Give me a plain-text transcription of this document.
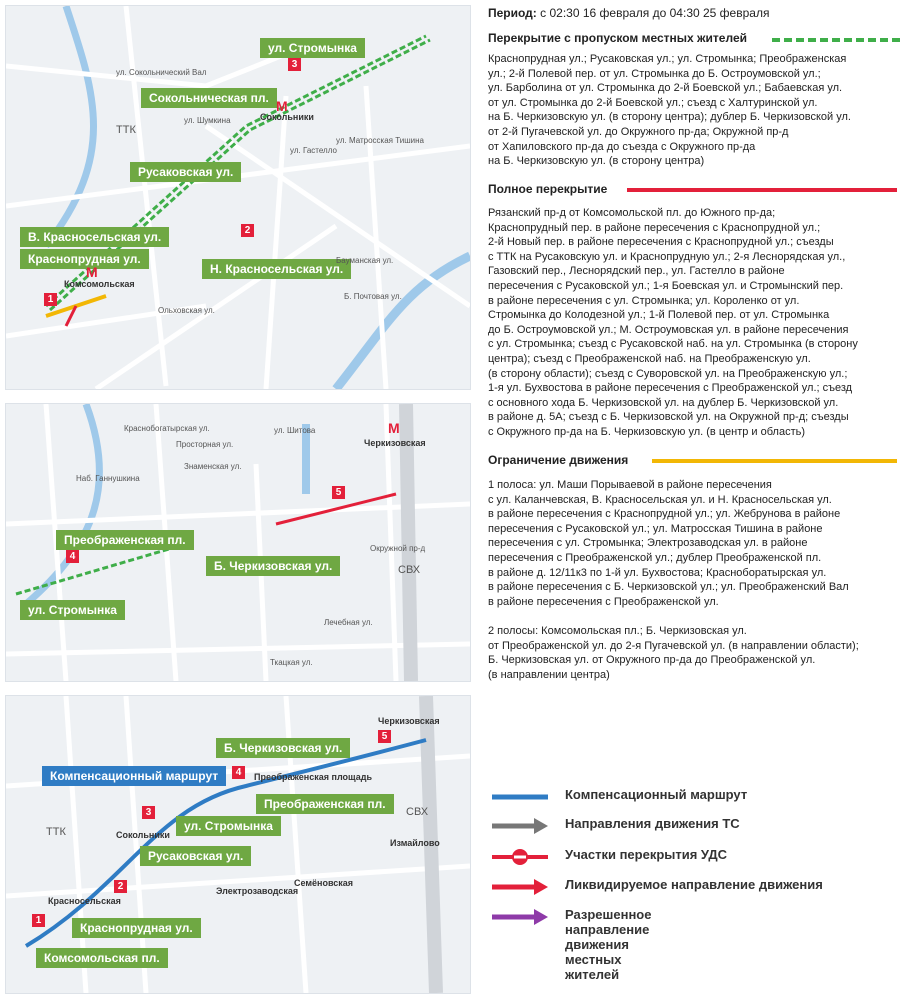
ул. Стромынка
Сокольническая пл.
Русаковская ул.
В. Красносельская ул.
Краснопрудная ул.
Н. Красносельская ул.
M
Сокольники
M
Комсомольская
1
2
3
ул. Сокольнический Вал
ТТК
ул. Шумкина
ул. Гастелло
ул. Матросская Тишина
Бауманская ул.
Ольховская ул.
Б. Почтовая ул.
Преображенская пл.
Б. Черкизовская ул.
ул. Стромынка
M
Черкизовская
4
5
Наб. Ганнушкина
Краснобогатырская ул.
Просторная ул.
Знаменская ул.
ул. Шитова
Окружной пр-д
СВХ
Лечебная ул.
Ткацкая ул.
Компенсационный маршрут
Б. Черкизовская ул.
Преображенская пл.
ул. Стромынка
Русаковская ул.
Краснопрудная ул.
Комсомольская пл.
Черкизовская
Преображенская площадь
Сокольники
Измайлово
Семёновская
Электрозаводская
Красносельская
1
2
3
4
5
ТТК
СВХ
Период: с 02:30 16 февраля до 04:30 25 февраля
Перекрытие с пропуском местных жителей
Краснопрудная ул.; Русаковская ул.; ул. Стромынка; Преображенская
ул.; 2-й Полевой пер. от ул. Стромынка до Б. Остроумовской ул.;
ул. Барболина от ул. Стромынка до 2-й Боевской ул.; Бабаевская ул.
от ул. Стромынка до 2-й Боевской ул.; съезд с Халтуринской ул.
на Б. Черкизовскую ул. (в сторону центра); дублер Б. Черкизовской ул.
от 2-й Пугачевской ул. до Окружного пр-да; Окружной пр-д
от Хапиловского пр-да до съезда с Окружного пр-да
на Б. Черкизовскую ул. (в сторону центра)
Полное перекрытие
Рязанский пр-д от Комсомольской пл. до Южного пр-да;
Краснопрудный пер. в районе пересечения с Краснопрудной ул.;
2-й Новый пер. в районе пересечения с Краснопрудной ул.; съезды
с ТТК на Русаковскую ул. и Краснопрудную ул.; 2-я Леснорядская ул.,
Газовский пер., Леснорядский пер., ул. Гастелло в районе
пересечения с Русаковской ул.; 1-я Боевская ул. и Стромынский пер.
в районе пересечения с ул. Стромынка; ул. Короленко от ул.
Стромынка до Колодезной ул.; 1-й Полевой пер. от ул. Стромынка
до Б. Остроумовской ул.; М. Остроумовская ул. в районе пересечения
с ул. Стромынка; съезд с Русаковской наб. на ул. Стромынка (в сторону
центра); съезд с Преображенской наб. на Преображенскую ул.
(в сторону области); съезд с Суворовской ул. на Преображенскую ул.;
1-я ул. Бухвостова в районе пересечения с Преображенской ул.; съезд
с основного хода Б. Черкизовской ул. на дублер Б. Черкизовской ул.
в районе д. 5А; съезд с Б. Черкизовской ул. на Окружной пр-д; съезды
с Окружного пр-да на Б. Черкизовскую ул. (в центр и область)
Ограничение движения
1 полоса: ул. Маши Порываевой в районе пересечения
с ул. Каланчевская, В. Красносельская ул. и Н. Красносельская ул.
в районе пересечения с Краснопрудной ул.; ул. Жебрунова в районе
пересечения с Русаковской ул.; ул. Матросская Тишина в районе
пересечения с ул. Стромынка; Электрозаводская ул. в районе
пересечения с Преображенской ул.; дублер Преображенской пл.
в районе д. 12/11к3 по 1-й ул. Бухвостова; Красноборатырская ул.
в районе пересечения с Б. Черкизовской ул.; ул. Преображенский Вал
в районе пересечения с Преображенской ул.
2 полосы: Комсомольская пл.; Б. Черкизовская ул.
от Преображенской ул. до 2-я Пугачевской ул. (в направлении области);
Б. Черкизовская ул. от Окружного пр-да до Преображенской ул.
(в направлении центра)
Компенсационный маршрут
Направления движения ТС
Участки перекрытия УДС
Ликвидируемое направление движения
Разрешенное направление движения
местных жителей
